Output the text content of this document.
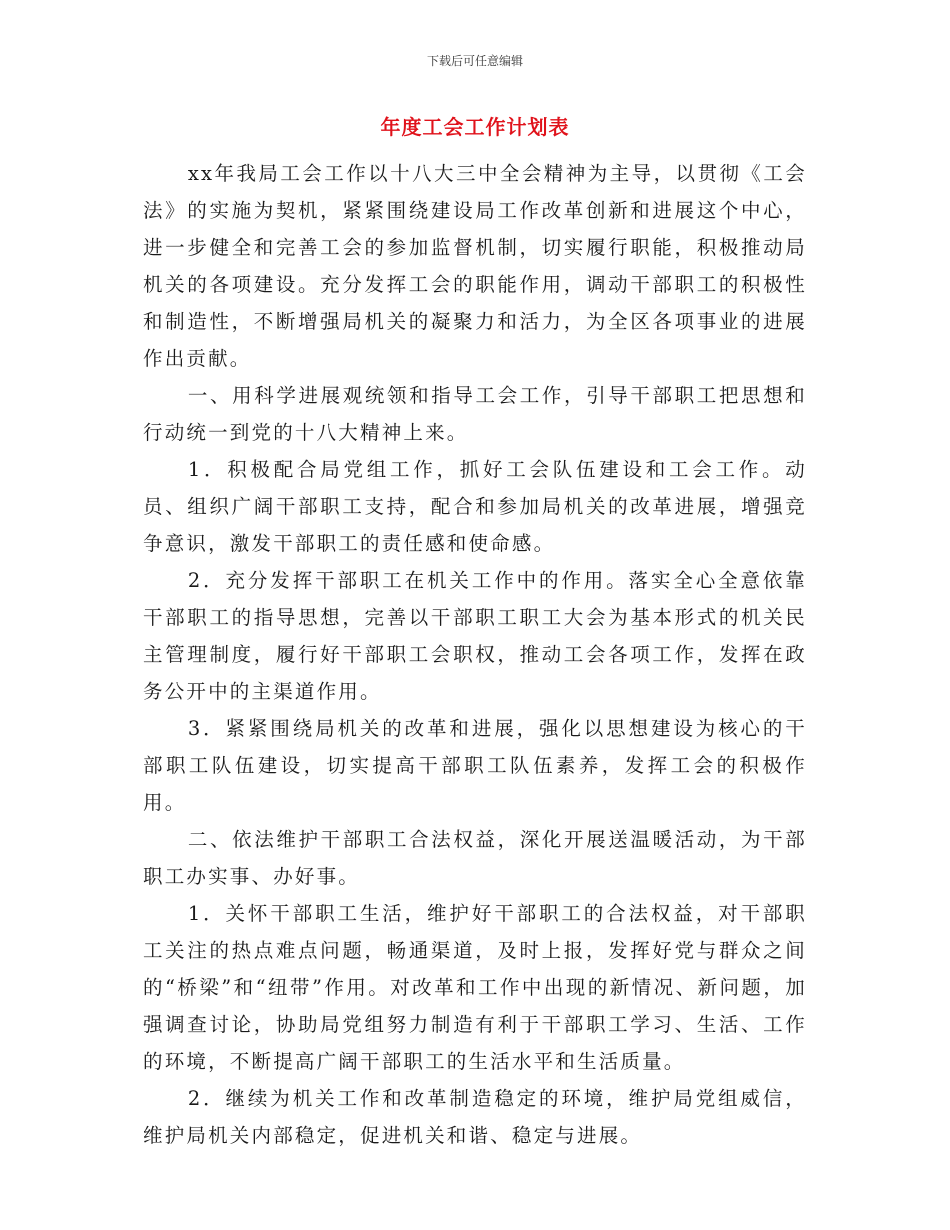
下载后可任意编辑
年度工会工作计划表

xx年我局工会工作以十八大三中全会精神为主导，以贯彻《工会法》的实施为契机，紧紧围绕建设局工作改革创新和进展这个中心，进一步健全和完善工会的参加监督机制，切实履行职能，积极推动局机关的各项建设。充分发挥工会的职能作用，调动干部职工的积极性和制造性，不断增强局机关的凝聚力和活力，为全区各项事业的进展作出贡献。

一、用科学进展观统领和指导工会工作，引导干部职工把思想和行动统一到党的十八大精神上来。

1．积极配合局党组工作，抓好工会队伍建设和工会工作。动员、组织广阔干部职工支持，配合和参加局机关的改革进展，增强竞争意识，激发干部职工的责任感和使命感。

2．充分发挥干部职工在机关工作中的作用。落实全心全意依靠干部职工的指导思想，完善以干部职工职工大会为基本形式的机关民主管理制度，履行好干部职工会职权，推动工会各项工作，发挥在政务公开中的主渠道作用。

3．紧紧围绕局机关的改革和进展，强化以思想建设为核心的干部职工队伍建设，切实提高干部职工队伍素养，发挥工会的积极作用。

二、依法维护干部职工合法权益，深化开展送温暖活动，为干部职工办实事、办好事。

1．关怀干部职工生活，维护好干部职工的合法权益，对干部职工关注的热点难点问题，畅通渠道，及时上报，发挥好党与群众之间的“桥梁”和“纽带”作用。对改革和工作中出现的新情况、新问题，加强调查讨论，协助局党组努力制造有利于干部职工学习、生活、工作的环境，不断提高广阔干部职工的生活水平和生活质量。

2．继续为机关工作和改革制造稳定的环境，维护局党组威信，维护局机关内部稳定，促进机关和谐、稳定与进展。
